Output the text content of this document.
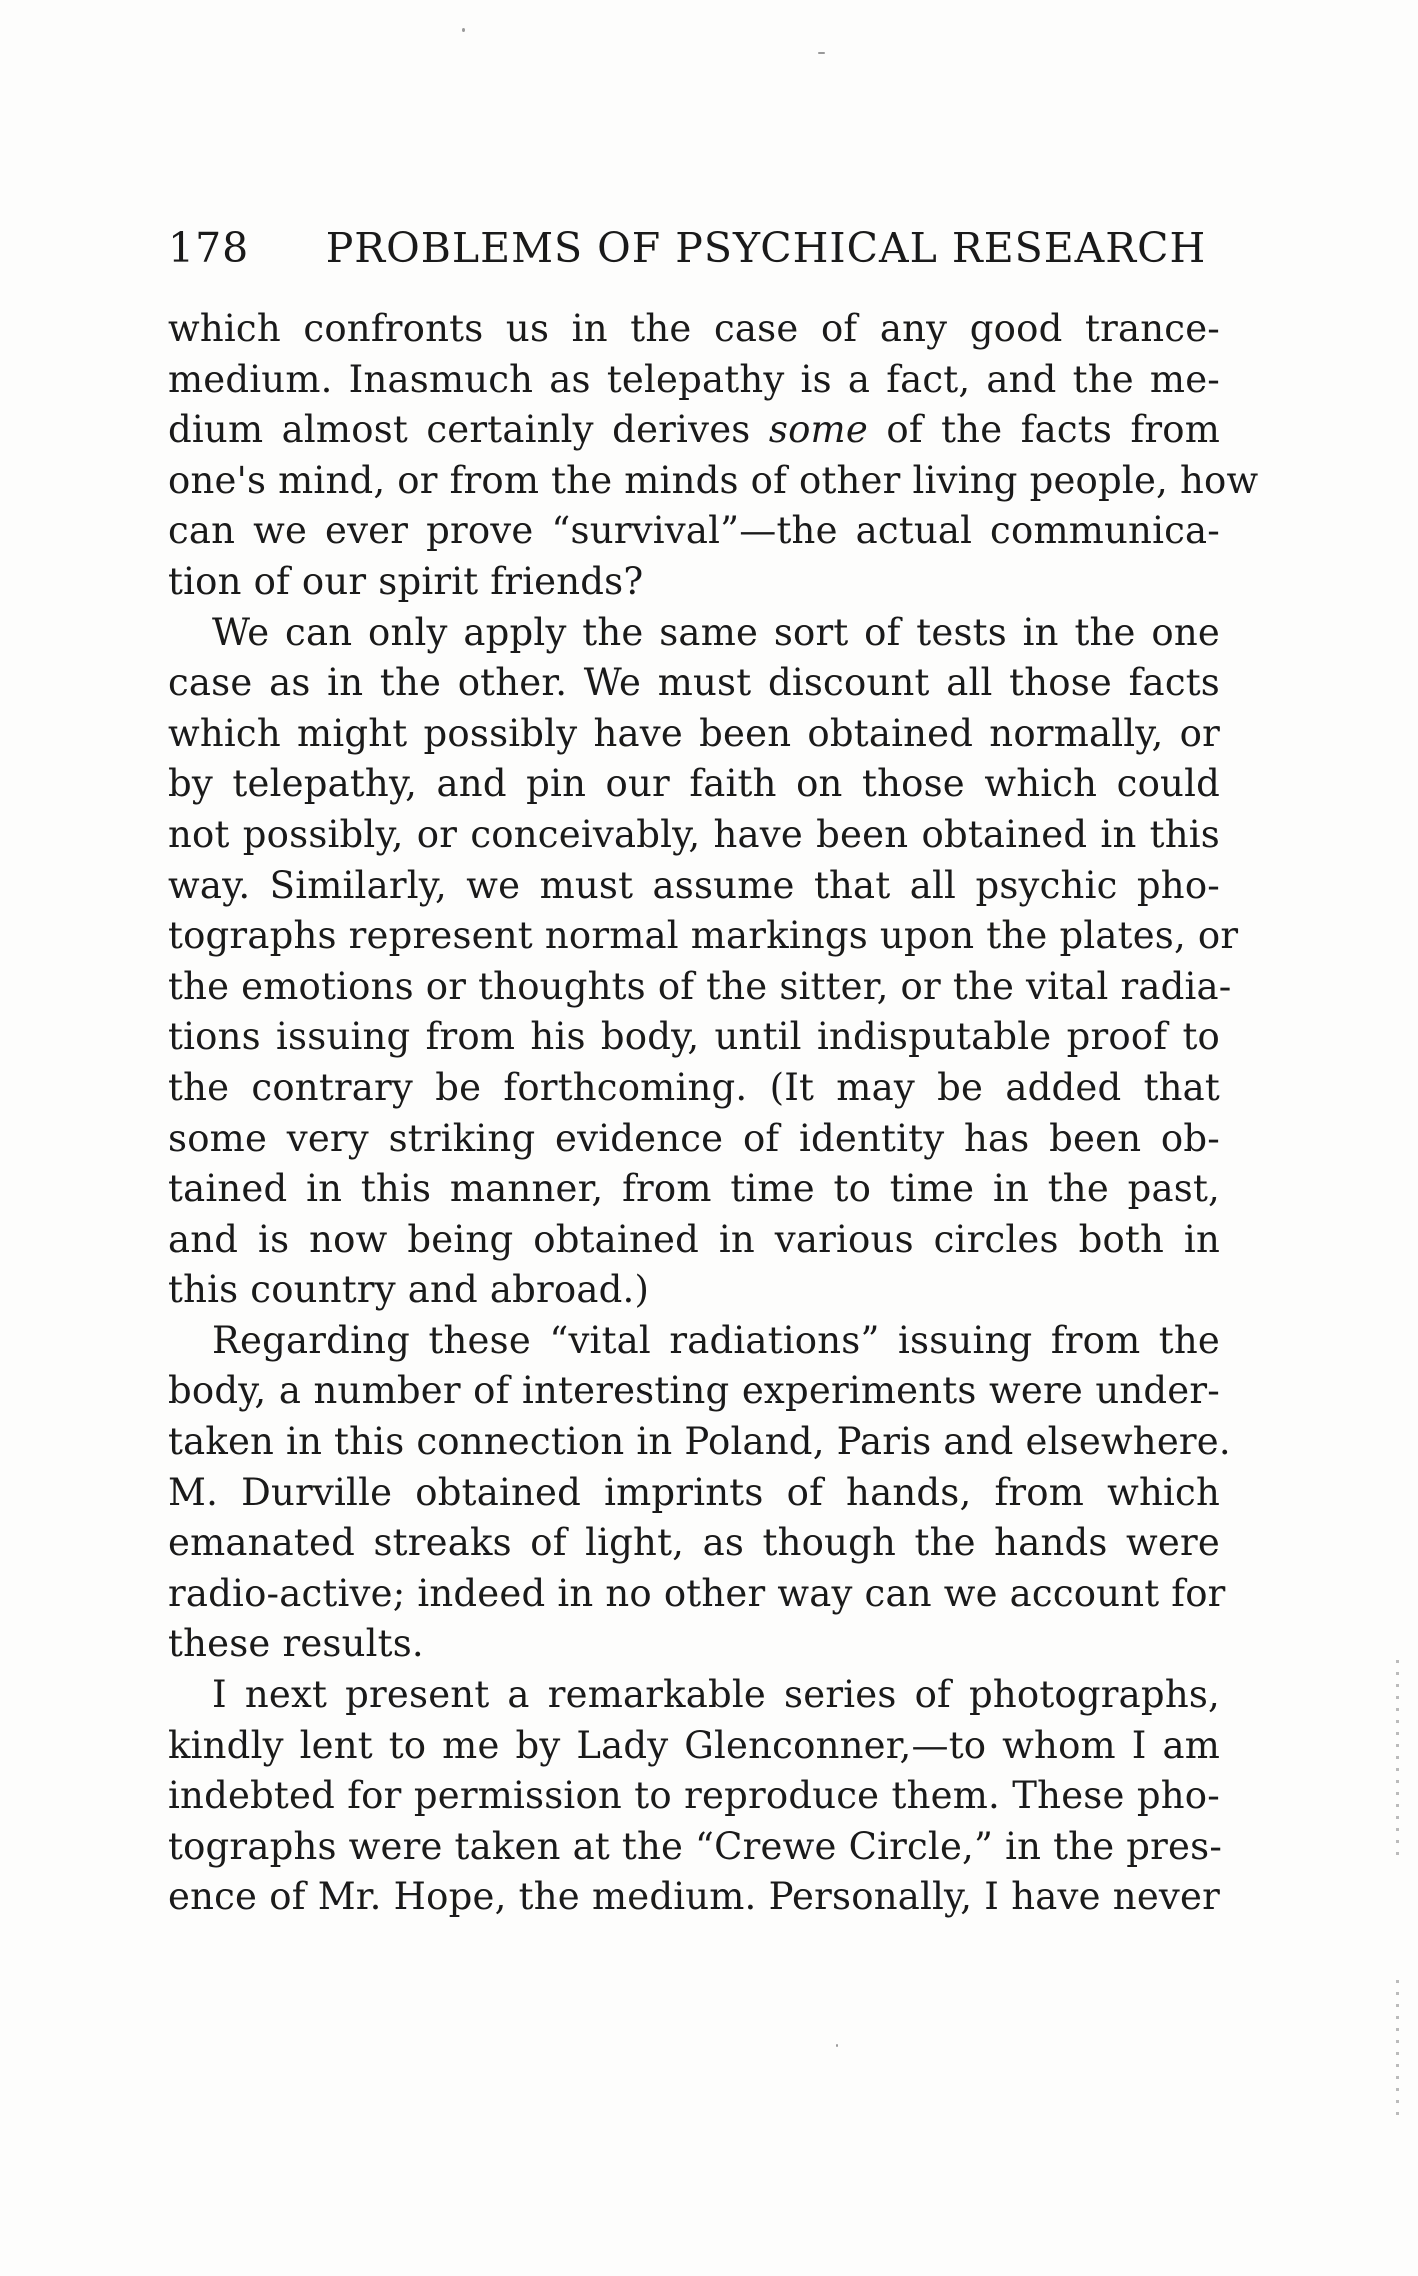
178	PROBLEMS OF PSYCHICAL RESEARCH
which confronts us in the case of any good trance-
medium. Inasmuch as telepathy is a fact, and the me-
dium almost certainly derives some of the facts from
one's mind, or from the minds of other living people, how
can we ever prove “survival”—the actual communica-
tion of our spirit friends?
We can only apply the same sort of tests in the one
case as in the other. We must discount all those facts
which might possibly have been obtained normally, or
by telepathy, and pin our faith on those which could
not possibly, or conceivably, have been obtained in this
way. Similarly, we must assume that all psychic pho-
tographs represent normal markings upon the plates, or
the emotions or thoughts of the sitter, or the vital radia-
tions issuing from his body, until indisputable proof to
the contrary be forthcoming. (It may be added that
some very striking evidence of identity has been ob-
tained in this manner, from time to time in the past,
and is now being obtained in various circles both in
this country and abroad.)
Regarding these “vital radiations” issuing from the
body, a number of interesting experiments were under-
taken in this connection in Poland, Paris and elsewhere.
M. Durville obtained imprints of hands, from which
emanated streaks of light, as though the hands were
radio-active; indeed in no other way can we account for
these results.
I next present a remarkable series of photographs,
kindly lent to me by Lady Glenconner,—to whom I am
indebted for permission to reproduce them. These pho-
tographs were taken at the “Crewe Circle,” in the pres-
ence of Mr. Hope, the medium. Personally, I have never
